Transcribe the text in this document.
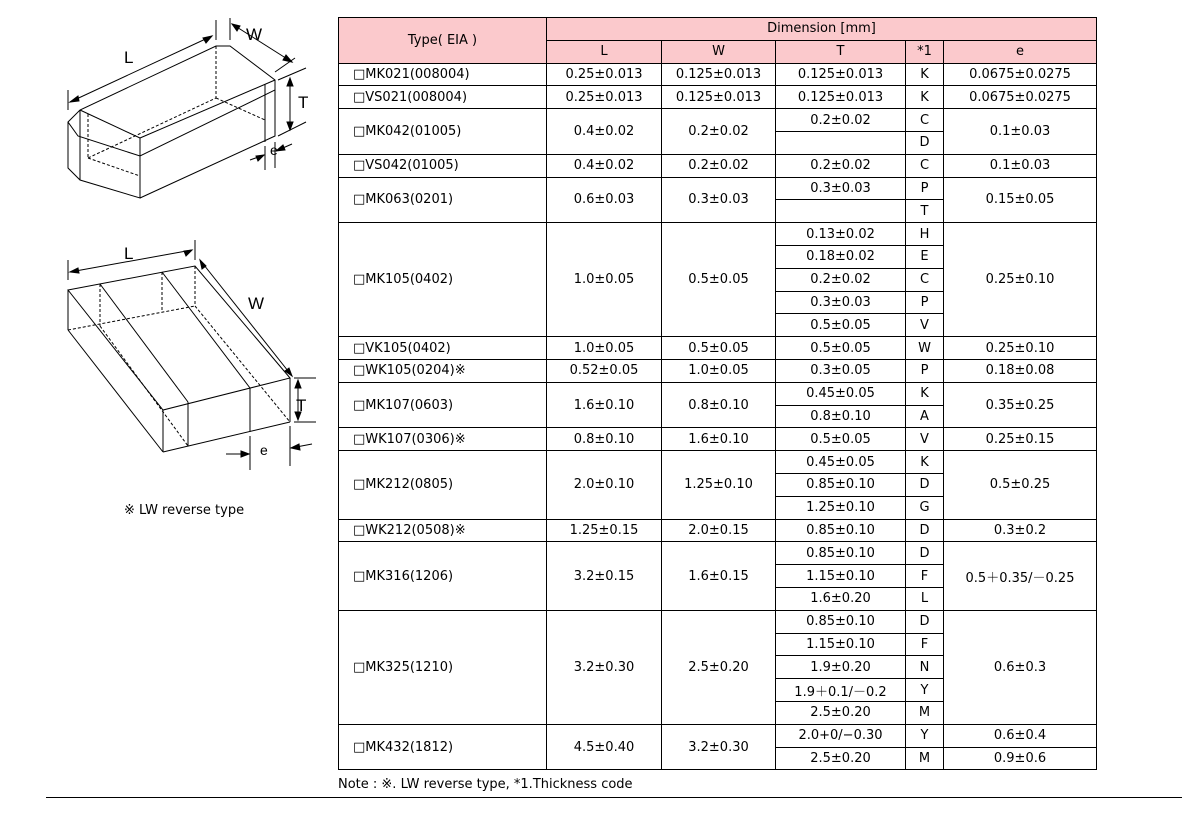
L
W
T
e
L
W
T
e
※ LW reverse type
Type( EIA )	Dimension [mm]				
	L	W	T	*1	e
□MK021(008004)	0.25±0.013	0.125±0.013	0.125±0.013	K	0.0675±0.0275
□VS021(008004)	0.25±0.013	0.125±0.013	0.125±0.013	K	0.0675±0.0275
□MK042(01005)	0.4±0.02	0.2±0.02	0.2±0.02	C	0.1±0.03
				D	
□VS042(01005)	0.4±0.02	0.2±0.02	0.2±0.02	C	0.1±0.03
□MK063(0201)	0.6±0.03	0.3±0.03	0.3±0.03	P	0.15±0.05
				T	
□MK105(0402)	1.0±0.05	0.5±0.05	0.13±0.02	H	0.25±0.10
			0.18±0.02	E	
			0.2±0.02	C	
			0.3±0.03	P	
			0.5±0.05	V	
□VK105(0402)	1.0±0.05	0.5±0.05	0.5±0.05	W	0.25±0.10
□WK105(0204)※	0.52±0.05	1.0±0.05	0.3±0.05	P	0.18±0.08
□MK107(0603)	1.6±0.10	0.8±0.10	0.45±0.05	K	0.35±0.25
			0.8±0.10	A	
□WK107(0306)※	0.8±0.10	1.6±0.10	0.5±0.05	V	0.25±0.15
□MK212(0805)	2.0±0.10	1.25±0.10	0.45±0.05	K	0.5±0.25
			0.85±0.10	D	
			1.25±0.10	G	
□WK212(0508)※	1.25±0.15	2.0±0.15	0.85±0.10	D	0.3±0.2
□MK316(1206)	3.2±0.15	1.6±0.15	0.85±0.10	D	0.5＋0.35/－0.25
			1.15±0.10	F	
			1.6±0.20	L	
□MK325(1210)	3.2±0.30	2.5±0.20	0.85±0.10	D	0.6±0.3
			1.15±0.10	F	
			1.9±0.20	N	
			1.9＋0.1/－0.2	Y	
			2.5±0.20	M	
□MK432(1812)	4.5±0.40	3.2±0.30	2.0+0/−0.30	Y	0.6±0.4
			2.5±0.20	M	0.9±0.6
Note : ※. LW reverse type, *1.Thickness code
